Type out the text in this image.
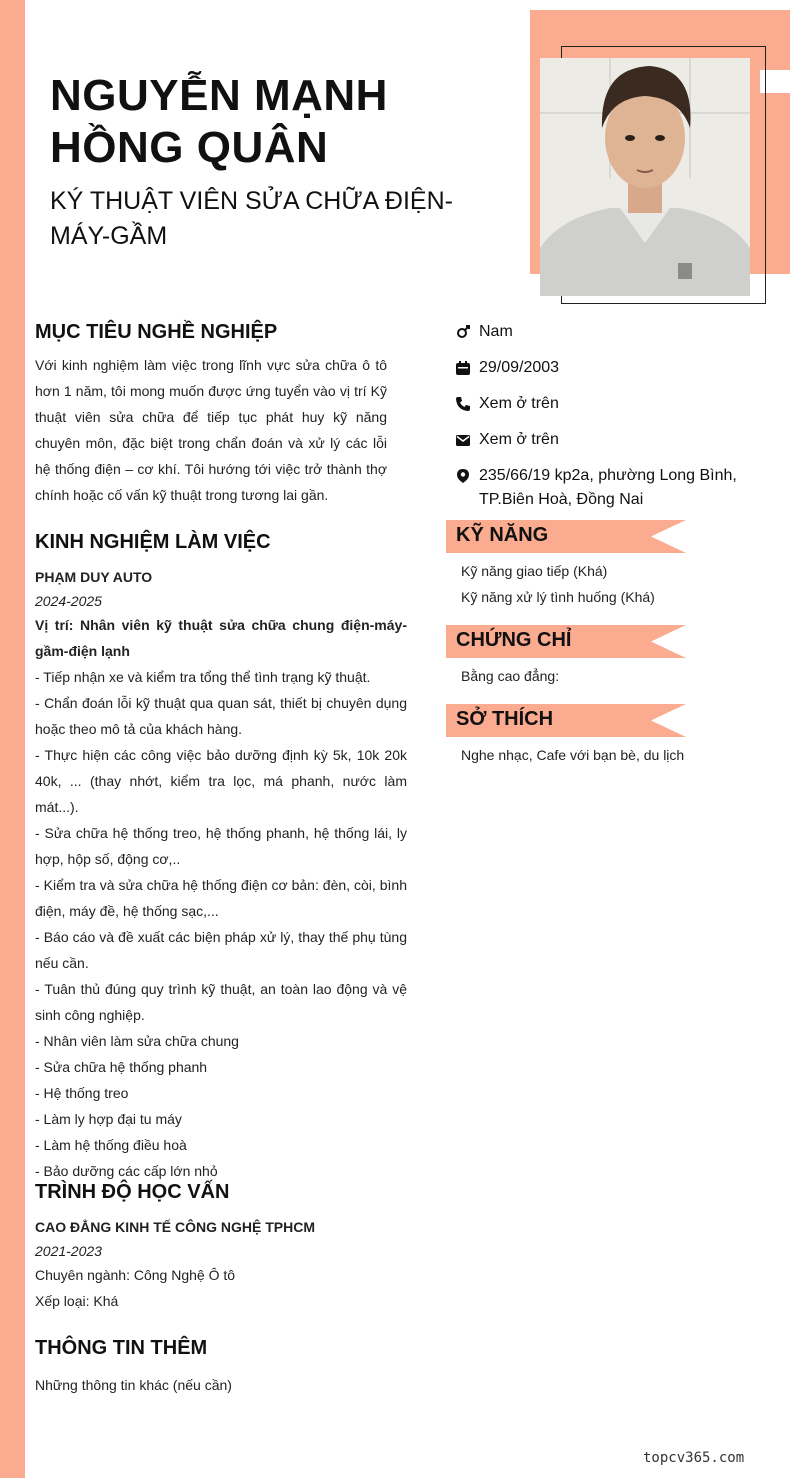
NGUYỄN MẠNH
HỒNG QUÂN
KÝ THUẬT VIÊN SỬA CHỮA ĐIỆN- MÁY-GẦM
MỤC TIÊU NGHỀ NGHIỆP
Với kinh nghiệm làm việc trong lĩnh vực sửa chữa ô tô hơn 1 năm, tôi mong muốn được ứng tuyển vào vị trí Kỹ thuật viên sửa chữa để tiếp tục phát huy kỹ năng chuyên môn, đặc biệt trong chẩn đoán và xử lý các lỗi hệ thống điện – cơ khí. Tôi hướng tới việc trở thành thợ chính hoặc cố vấn kỹ thuật trong tương lai gần.
KINH NGHIỆM LÀM VIỆC
PHẠM DUY AUTO
2024-2025
Vị trí: Nhân viên kỹ thuật sửa chữa chung điện-máy-gầm-điện lạnh
- Tiếp nhận xe và kiểm tra tổng thể tình trạng kỹ thuật.
- Chẩn đoán lỗi kỹ thuật qua quan sát, thiết bị chuyên dụng hoặc theo mô tả của khách hàng.
- Thực hiện các công việc bảo dưỡng định kỳ 5k, 10k 20k 40k, ... (thay nhớt, kiểm tra lọc, má phanh, nước làm mát...).
- Sửa chữa hệ thống treo, hệ thống phanh, hệ thống lái, ly hợp, hộp số, động cơ,..
- Kiểm tra và sửa chữa hệ thống điện cơ bản: đèn, còi, bình điện, máy đề, hệ thống sạc,...
- Báo cáo và đề xuất các biện pháp xử lý, thay thế phụ tùng nếu cần.
- Tuân thủ đúng quy trình kỹ thuật, an toàn lao động và vệ sinh công nghiệp.
- Nhân viên làm sửa chữa chung
- Sửa chữa hệ thống phanh
- Hệ thống treo
- Làm ly hợp đại tu máy
- Làm hệ thống điều hoà
- Bảo dưỡng các cấp lớn nhỏ
TRÌNH ĐỘ HỌC VẤN
CAO ĐẲNG KINH TẾ CÔNG NGHỆ TPHCM
2021-2023
Chuyên ngành: Công Nghệ Ô tô
Xếp loại: Khá
THÔNG TIN THÊM
Những thông tin khác (nếu cần)
Nam
29/09/2003
Xem ở trên
Xem ở trên
235/66/19 kp2a, phường Long Bình, TP.Biên Hoà, Đồng Nai
KỸ NĂNG
Kỹ năng giao tiếp (Khá)
Kỹ năng xử lý tình huống (Khá)
CHỨNG CHỈ
Bằng cao đẳng:
SỞ THÍCH
Nghe nhạc, Cafe với bạn bè, du lịch
topcv365.com
